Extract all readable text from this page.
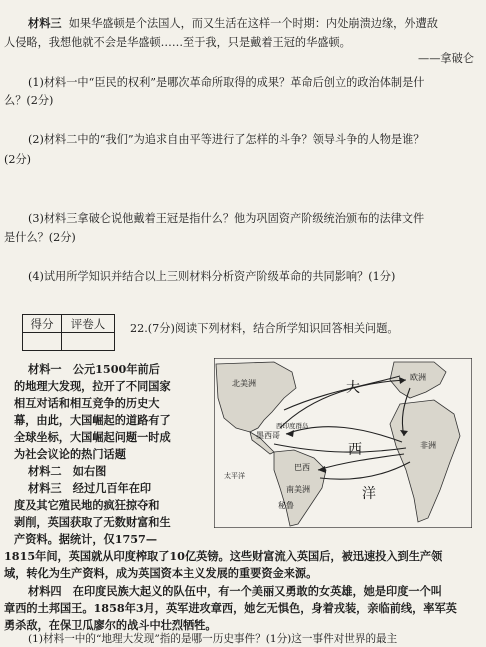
材料三 如果华盛顿是个法国人，而又生活在这样一个时期：内处崩溃边缘，外遭敌
人侵略，我想他就不会是华盛顿……至于我，只是戴着王冠的华盛顿。
——拿破仑
(1)材料一中“臣民的权利”是哪次革命所取得的成果？革命后创立的政治体制是什
么？(2分)
(2)材料二中的“我们”为追求自由平等进行了怎样的斗争？领导斗争的人物是谁？
(2分)
(3)材料三拿破仑说他戴着王冠是指什么？他为巩固资产阶级统治颁布的法律文件
是什么？(2分)
(4)试用所学知识并结合以上三则材料分析资产阶级革命的共同影响？(1分)
得分	评卷人
	22.(7分)阅读下列材料，结合所学知识回答相关问题。
材料一　公元1500年前后
的地理大发现，拉开了不同国家
相互对话和相互竞争的历史大
幕，由此，大国崛起的道路有了
全球坐标，大国崛起问题一时成
为社会议论的热门话题
材料二　如右图
材料三　经过几百年在印
度及其它殖民地的疯狂掠夺和
剥削，英国获取了无数财富和生
产资料。据统计，仅1757—
北美洲
欧洲
非洲
南美洲
墨西哥
巴西
秘鲁
西印度群岛
太平洋
大
西
洋
1815年间，英国就从印度榨取了10亿英镑。这些财富流入英国后，被迅速投入到生产领
域，转化为生产资料，成为英国资本主义发展的重要资金来源。
材料四　在印度民族大起义的队伍中，有一个美丽又勇敢的女英雄，她是印度一个叫
章西的土邦国王。1858年3月，英军进攻章西，她乞无惧色，身着戎装，亲临前线，率军英
勇杀敌，在保卫瓜廖尔的战斗中壮烈牺牲。
(1)材料一中的“地理大发现”指的是哪一历史事件？(1分)这一事件对世界的最主
